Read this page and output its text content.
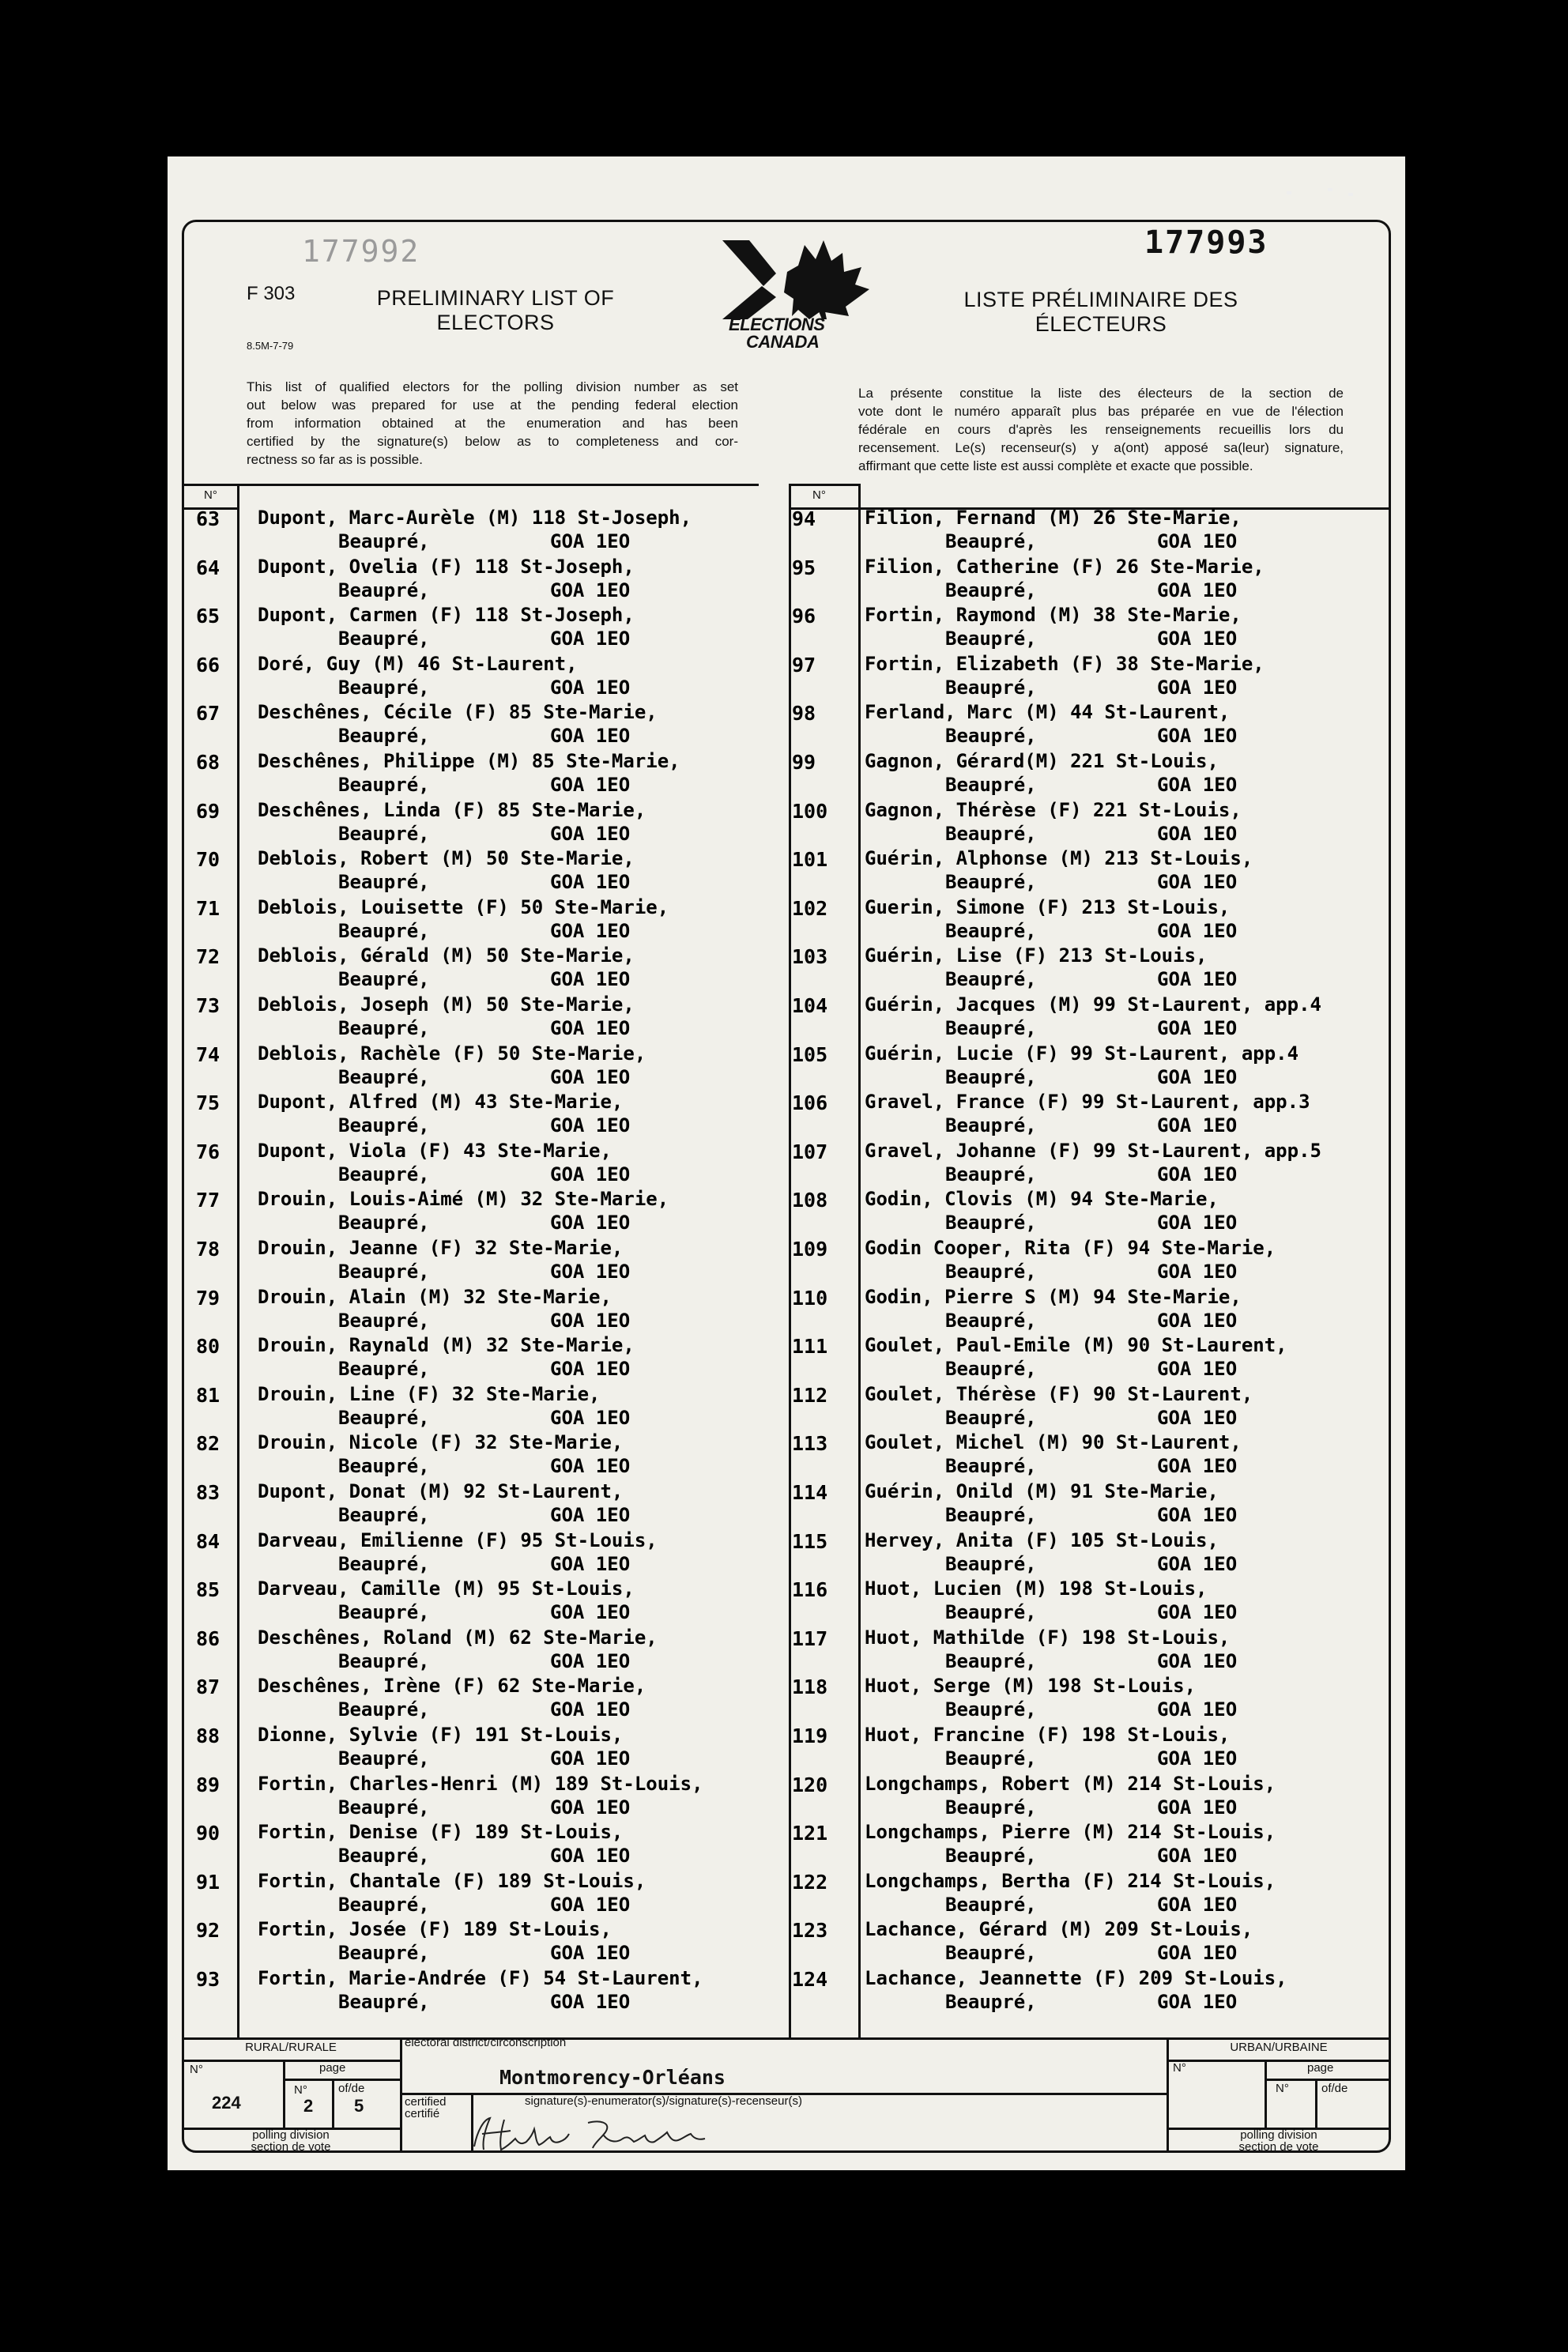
177992	177993
F 303
8.5M-7-79
PRELIMINARY LIST OF
ELECTORS
LISTE PRÉLIMINAIRE DES
ÉLECTEURS
ELECTIONS
CANADA
This list of qualified electors for the polling division number as set
out below was prepared for use at the pending federal election
from information obtained at the enumeration and has been
certified by the signature(s) below as to completeness and cor-
rectness so far as is possible.
La présente constitue la liste des électeurs de la section de
vote dont le numéro apparaît plus bas préparée en vue de l'élection
fédérale en cours d'après les renseignements recueillis lors du
recensement. Le(s) recenseur(s) y a(ont) apposé sa(leur) signature,
affirmant que cette liste est aussi complète et exacte que possible.
N°	N°
63 Dupont, Marc-Aurèle (M) 118 St-Joseph,
Beaupré,	GOA 1EO
64 Dupont, Ovelia (F) 118 St-Joseph,
Beaupré,	GOA 1EO
65 Dupont, Carmen (F) 118 St-Joseph,
Beaupré,	GOA 1EO
66 Doré, Guy (M) 46 St-Laurent,
Beaupré,	GOA 1EO
67 Deschênes, Cécile (F) 85 Ste-Marie,
Beaupré,	GOA 1EO
68 Deschênes, Philippe (M) 85 Ste-Marie,
Beaupré,	GOA 1EO
69 Deschênes, Linda (F) 85 Ste-Marie,
Beaupré,	GOA 1EO
70 Deblois, Robert (M) 50 Ste-Marie,
Beaupré,	GOA 1EO
71 Deblois, Louisette (F) 50 Ste-Marie,
Beaupré,	GOA 1EO
72 Deblois, Gérald (M) 50 Ste-Marie,
Beaupré,	GOA 1EO
73 Deblois, Joseph (M) 50 Ste-Marie,
Beaupré,	GOA 1EO
74 Deblois, Rachèle (F) 50 Ste-Marie,
Beaupré,	GOA 1EO
75 Dupont, Alfred (M) 43 Ste-Marie,
Beaupré,	GOA 1EO
76 Dupont, Viola (F) 43 Ste-Marie,
Beaupré,	GOA 1EO
77 Drouin, Louis-Aimé (M) 32 Ste-Marie,
Beaupré,	GOA 1EO
78 Drouin, Jeanne (F) 32 Ste-Marie,
Beaupré,	GOA 1EO
79 Drouin, Alain (M) 32 Ste-Marie,
Beaupré,	GOA 1EO
80 Drouin, Raynald (M) 32 Ste-Marie,
Beaupré,	GOA 1EO
81 Drouin, Line (F) 32 Ste-Marie,
Beaupré,	GOA 1EO
82 Drouin, Nicole (F) 32 Ste-Marie,
Beaupré,	GOA 1EO
83 Dupont, Donat (M) 92 St-Laurent,
Beaupré,	GOA 1EO
84 Darveau, Emilienne (F) 95 St-Louis,
Beaupré,	GOA 1EO
85 Darveau, Camille (M) 95 St-Louis,
Beaupré,	GOA 1EO
86 Deschênes, Roland (M) 62 Ste-Marie,
Beaupré,	GOA 1EO
87 Deschênes, Irène (F) 62 Ste-Marie,
Beaupré,	GOA 1EO
88 Dionne, Sylvie (F) 191 St-Louis,
Beaupré,	GOA 1EO
89 Fortin, Charles-Henri (M) 189 St-Louis,
Beaupré,	GOA 1EO
90 Fortin, Denise (F) 189 St-Louis,
Beaupré,	GOA 1EO
91 Fortin, Chantale (F) 189 St-Louis,
Beaupré,	GOA 1EO
92 Fortin, Josée (F) 189 St-Louis,
Beaupré,	GOA 1EO
93 Fortin, Marie-Andrée (F) 54 St-Laurent,
Beaupré,	GOA 1EO
94	Filion, Fernand (M) 26 Ste-Marie,
Beaupré,	GOA 1EO
95	Filion, Catherine (F) 26 Ste-Marie,
Beaupré,	GOA 1EO
96	Fortin, Raymond (M) 38 Ste-Marie,
Beaupré,	GOA 1EO
97	Fortin, Elizabeth (F) 38 Ste-Marie,
Beaupré,	GOA 1EO
98	Ferland, Marc (M) 44 St-Laurent,
Beaupré,	GOA 1EO
99	Gagnon, Gérard(M) 221 St-Louis,
Beaupré,	GOA 1EO
100 Gagnon, Thérèse (F) 221 St-Louis,
Beaupré,	GOA 1EO
101 Guérin, Alphonse (M) 213 St-Louis,
Beaupré,	GOA 1EO
102 Guerin, Simone (F) 213 St-Louis,
Beaupré,	GOA 1EO
103 Guérin, Lise (F) 213 St-Louis,
Beaupré,	GOA 1EO
104 Guérin, Jacques (M) 99 St-Laurent, app.4
Beaupré,	GOA 1EO
105 Guérin, Lucie (F) 99 St-Laurent, app.4
Beaupré,	GOA 1EO
106 Gravel, France (F) 99 St-Laurent, app.3
Beaupré,	GOA 1EO
107 Gravel, Johanne (F) 99 St-Laurent, app.5
Beaupré,	GOA 1EO
108 Godin, Clovis (M) 94 Ste-Marie,
Beaupré,	GOA 1EO
109 Godin Cooper, Rita (F) 94 Ste-Marie,
Beaupré,	GOA 1EO
110 Godin, Pierre S (M) 94 Ste-Marie,
Beaupré,	GOA 1EO
111 Goulet, Paul-Emile (M) 90 St-Laurent,
Beaupré,	GOA 1EO
112 Goulet, Thérèse (F) 90 St-Laurent,
Beaupré,	GOA 1EO
113 Goulet, Michel (M) 90 St-Laurent,
Beaupré,	GOA 1EO
114 Guérin, Onild (M) 91 Ste-Marie,
Beaupré,	GOA 1EO
115 Hervey, Anita (F) 105 St-Louis,
Beaupré,	GOA 1EO
116 Huot, Lucien (M) 198 St-Louis,
Beaupré,	GOA 1EO
117 Huot, Mathilde (F) 198 St-Louis,
Beaupré,	GOA 1EO
118 Huot, Serge (M) 198 St-Louis,
Beaupré,	GOA 1EO
119 Huot, Francine (F) 198 St-Louis,
Beaupré,	GOA 1EO
120 Longchamps, Robert (M) 214 St-Louis,
Beaupré,	GOA 1EO
121 Longchamps, Pierre (M) 214 St-Louis,
Beaupré,	GOA 1EO
122 Longchamps, Bertha (F) 214 St-Louis,
Beaupré,	GOA 1EO
123 Lachance, Gérard (M) 209 St-Louis,
Beaupré,	GOA 1EO
124 Lachance, Jeannette (F) 209 St-Louis,
Beaupré,	GOA 1EO
RURAL/RURALE	URBAN/URBAINE
N°	page
224
N°
2
of/de
5
polling division
section de vote
electoral district/circonscription
Montmorency-Orléans
certified
certifié
signature(s)-enumerator(s)/signature(s)-recenseur(s)
N°	page
N°	of/de
polling division
section de vote
